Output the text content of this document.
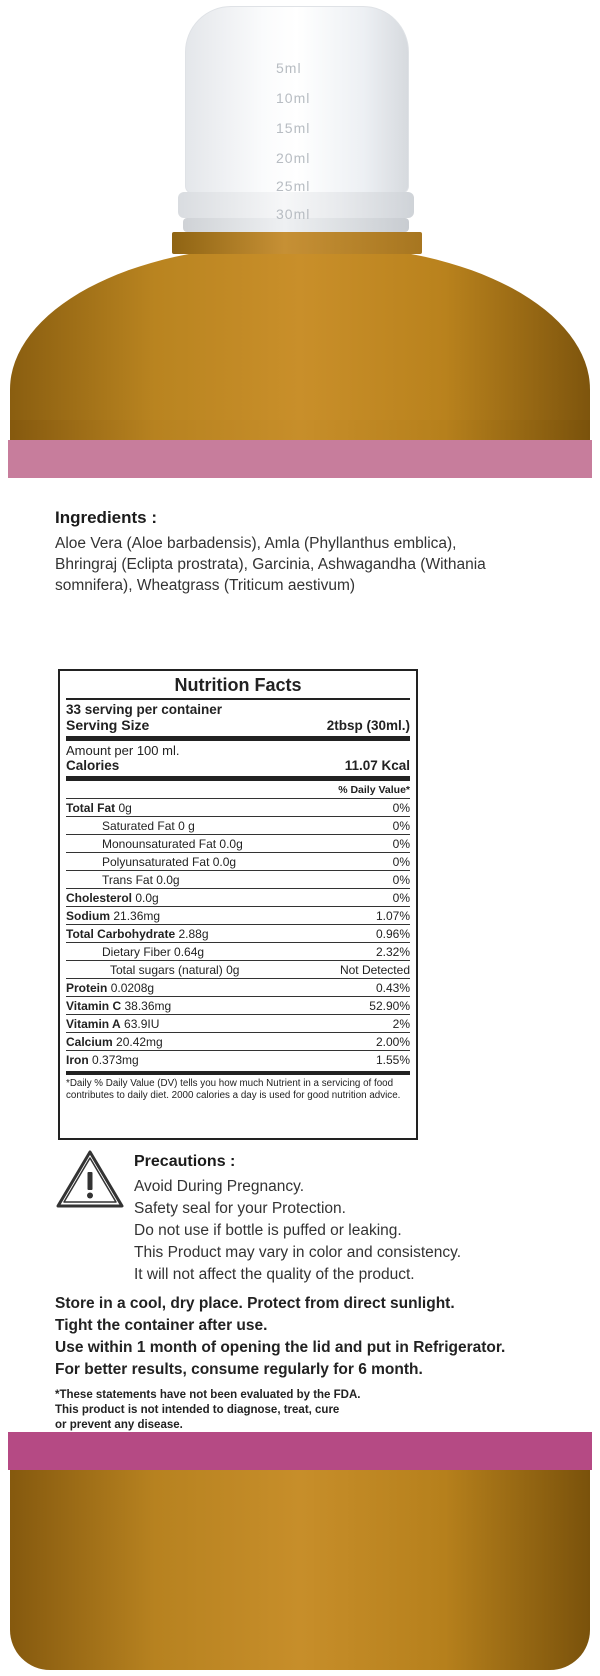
5ml
10ml
15ml
20ml
25ml
30ml
Ingredients :
Aloe Vera (Aloe barbadensis), Amla (Phyllanthus emblica), Bhringraj (Eclipta prostrata), Garcinia, Ashwagandha (Withania somnifera), Wheatgrass (Triticum aestivum)
Nutrition Facts
33 serving per container
Serving Size	2tbsp (30ml.)
Amount per 100 ml.
Calories	11.07 Kcal
% Daily Value*
Total Fat 0g	0%
Saturated Fat 0 g	0%
Monounsaturated Fat 0.0g	0%
Polyunsaturated Fat 0.0g	0%
Trans Fat 0.0g	0%
Cholesterol 0.0g	0%
Sodium 21.36mg	1.07%
Total Carbohydrate 2.88g	0.96%
Dietary Fiber 0.64g	2.32%
Total sugars (natural) 0g	Not Detected
Protein 0.0208g	0.43%
Vitamin C 38.36mg	52.90%
Vitamin A 63.9IU	2%
Calcium 20.42mg	2.00%
Iron 0.373mg	1.55%
*Daily % Daily Value (DV) tells you how much Nutrient in a servicing of food contributes to daily diet. 2000 calories a day is used for good nutrition advice.
Precautions :
Avoid During Pregnancy.
Safety seal for your Protection.
Do not use if bottle is puffed or leaking.
This Product may vary in color and consistency.
It will not affect the quality of the product.
Store in a cool, dry place. Protect from direct sunlight.
Tight the container after use.
Use within 1 month of opening the lid and put in Refrigerator.
For better results, consume regularly for 6 month.
*These statements have not been evaluated by the FDA.
This product is not intended to diagnose, treat, cure
or prevent any disease.
